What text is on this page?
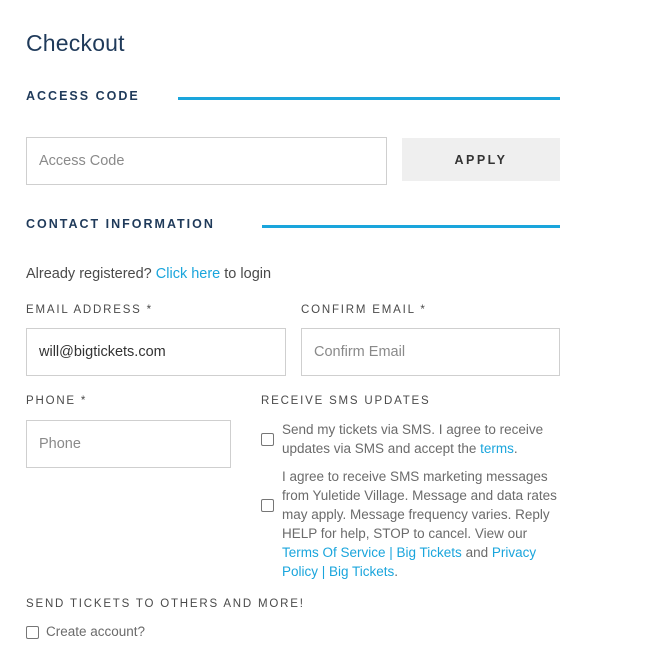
Checkout
ACCESS CODE
Access Code
APPLY
CONTACT INFORMATION
Already registered? Click here to login
EMAIL ADDRESS *
will@bigtickets.com	CONFIRM EMAIL *
Confirm Email
PHONE *
Phone	RECEIVE SMS UPDATES
Send my tickets via SMS. I agree to receive updates via SMS and accept the terms.
I agree to receive SMS marketing messages from Yuletide Village. Message and data rates may apply. Message frequency varies. Reply HELP for help, STOP to cancel. View our Terms Of Service | Big Tickets and Privacy Policy | Big Tickets.
SEND TICKETS TO OTHERS AND MORE!
Create account?
